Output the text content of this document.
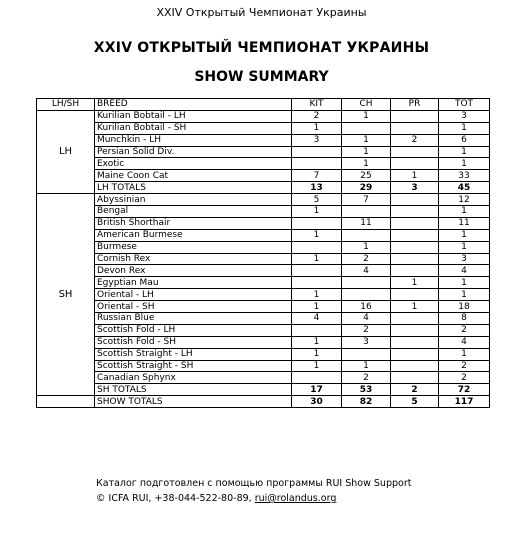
XXIV Открытый Чемпионат Украины
XXIV ОТКРЫТЫЙ ЧЕМПИОНАТ УКРАИНЫ
SHOW SUMMARY
LH/SH	BREED	KIT	CH	PR	TOT
LH	Kurilian Bobtail - LH	2	1		3
	Kurilian Bobtail - SH	1			1
	Munchkin - LH	3	1	2	6
	Persian Solid Div.		1		1
	Exotic		1		1
	Maine Coon Cat	7	25	1	33
	LH TOTALS	13	29	3	45
SH	Abyssinian	5	7		12
	Bengal	1			1
	British Shorthair		11		11
	American Burmese	1			1
	Burmese		1		1
	Cornish Rex	1	2		3
	Devon Rex		4		4
	Egyptian Mau			1	1
	Oriental - LH	1			1
	Oriental - SH	1	16	1	18
	Russian Blue	4	4		8
	Scottish Fold - LH		2		2
	Scottish Fold - SH	1	3		4
	Scottish Straight - LH	1			1
	Scottish Straight - SH	1	1		2
	Canadian Sphynx		2		2
	SH TOTALS	17	53	2	72
	SHOW TOTALS	30	82	5	117
Каталог подготовлен с помощью программы RUI Show Support
© ICFA RUI, +38-044-522-80-89, rui@rolandus.org
